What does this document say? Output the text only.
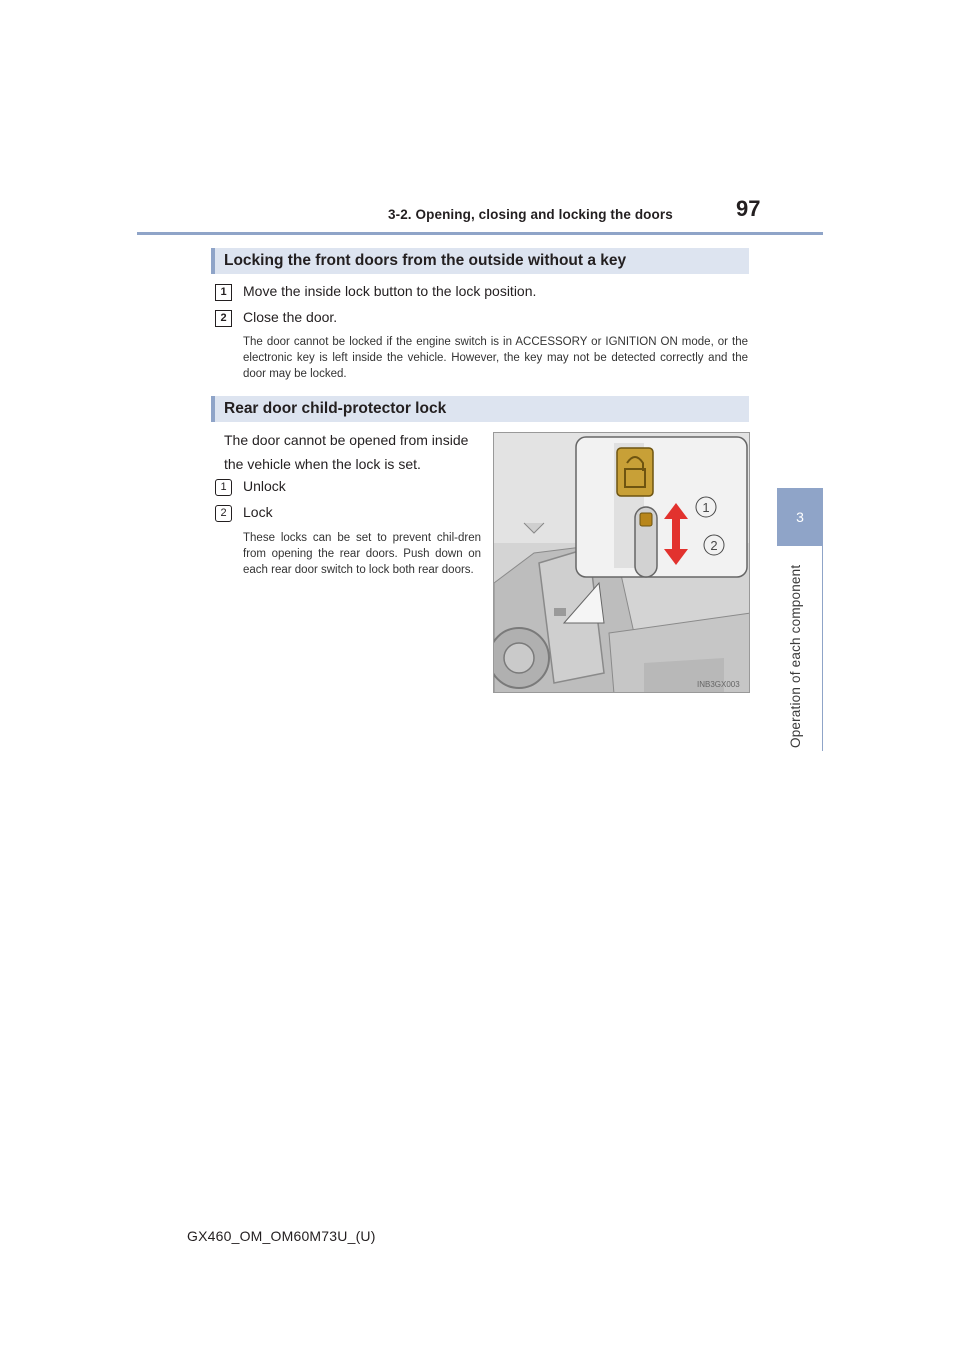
3-2. Opening, closing and locking the doors	97
3
Operation of each component
Locking the front doors from the outside without a key
1	Move the inside lock button to the lock position.
2	Close the door.
The door cannot be locked if the engine switch is in ACCESSORY or IGNITION ON mode, or the electronic key is left inside the vehicle. However, the key may not be detected correctly and the door may be locked.
Rear door child-protector lock
The door cannot be opened from inside the vehicle when the lock is set.
1	Unlock
2	Lock
These locks can be set to prevent chil-dren from opening the rear doors. Push down on each rear door switch to lock both rear doors.
1
2
INB3GX003
GX460_OM_OM60M73U_(U)
